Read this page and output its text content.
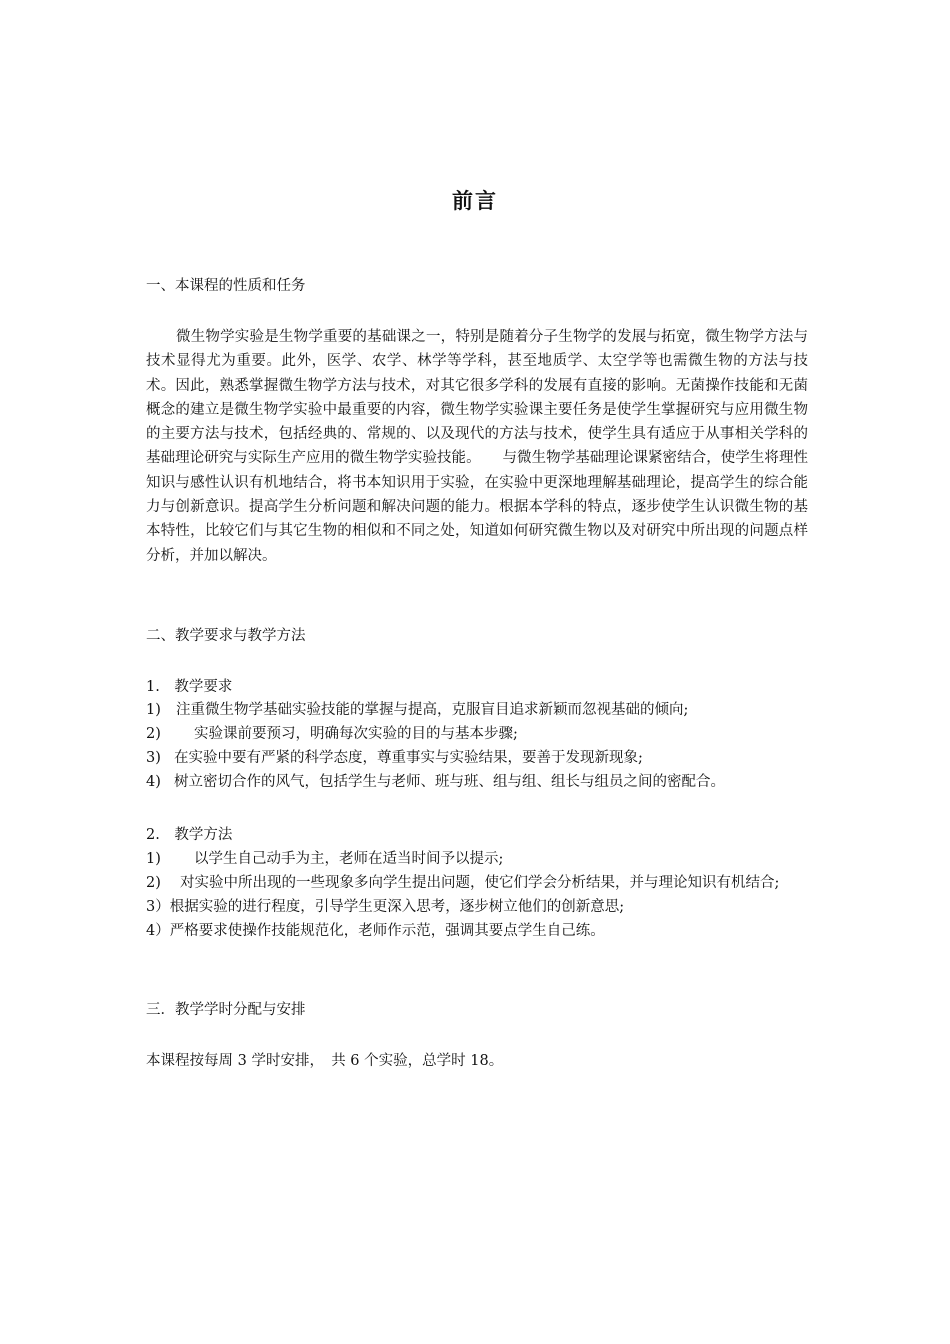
前言
一、本课程的性质和任务
微生物学实验是生物学重要的基础课之一，特别是随着分子生物学的发展与拓宽，微生物学方法与技术显得尤为重要。此外，医学、农学、林学等学科，甚至地质学、太空学等也需微生物的方法与技术。因此，熟悉掌握微生物学方法与技术，对其它很多学科的发展有直接的影响。无菌操作技能和无菌概念的建立是微生物学实验中最重要的内容，微生物学实验课主要任务是使学生掌握研究与应用微生物的主要方法与技术，包括经典的、常规的、以及现代的方法与技术，使学生具有适应于从事相关学科的基础理论研究与实际生产应用的微生物学实验技能。　　与微生物学基础理论课紧密结合，使学生将理性知识与感性认识有机地结合，将书本知识用于实验，在实验中更深地理解基础理论，提高学生的综合能力与创新意识。提高学生分析问题和解决问题的能力。根据本学科的特点，逐步使学生认识微生物的基本特性，比较它们与其它生物的相似和不同之处，知道如何研究微生物以及对研究中所出现的问题点样分析，并加以解决。
二、教学要求与教学方法
1.　教学要求
1) 注重微生物学基础实验技能的掌握与提高，克服盲目追求新颖而忽视基础的倾向;
2) 实验课前要预习，明确每次实验的目的与基本步骤;
3) 在实验中要有严紧的科学态度，尊重事实与实验结果，要善于发现新现象;
4) 树立密切合作的风气，包括学生与老师、班与班、组与组、组长与组员之间的密配合。
2.　教学方法
1) 以学生自己动手为主，老师在适当时间予以提示;
2)	对实验中所出现的一些现象多向学生提出问题，使它们学会分析结果，并与理论知识有机结合;
3）根据实验的进行程度，引导学生更深入思考，逐步树立他们的创新意思;
4）严格要求使操作技能规范化，老师作示范，强调其要点学生自己练。
三．教学学时分配与安排
本课程按每周 3 学时安排，　共 6 个实验，总学时 18。
